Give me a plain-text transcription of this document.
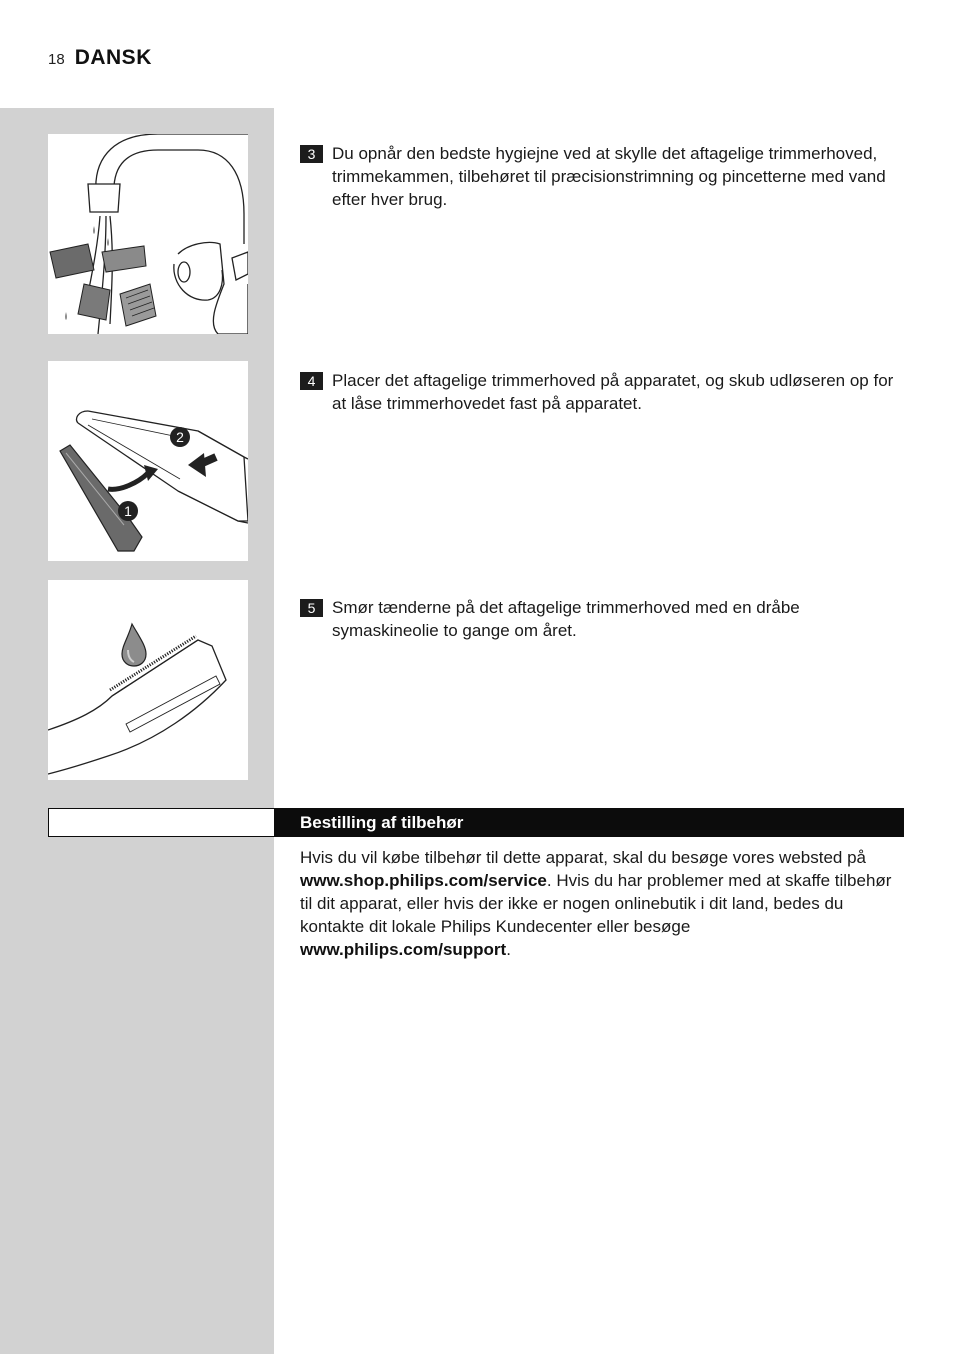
18 DANSK
3 Du opnår den bedste hygiejne ved at skylle det aftagelige trimmerhoved, trimmekammen, tilbehøret til præcisionstrimning og pincetterne med vand efter hver brug.
2
1
4 Placer det aftagelige trimmerhoved på apparatet, og skub udløseren op for at låse trimmerhovedet fast på apparatet.
5 Smør tænderne på det aftagelige trimmerhoved med en dråbe symaskineolie to gange om året.
Bestilling af tilbehør
Hvis du vil købe tilbehør til dette apparat, skal du besøge vores websted på www.shop.philips.com/service. Hvis du har problemer med at skaffe tilbehør til dit apparat, eller hvis der ikke er nogen onlinebutik i dit land, bedes du kontakte dit lokale Philips Kundecenter eller besøge www.philips.com/support.
